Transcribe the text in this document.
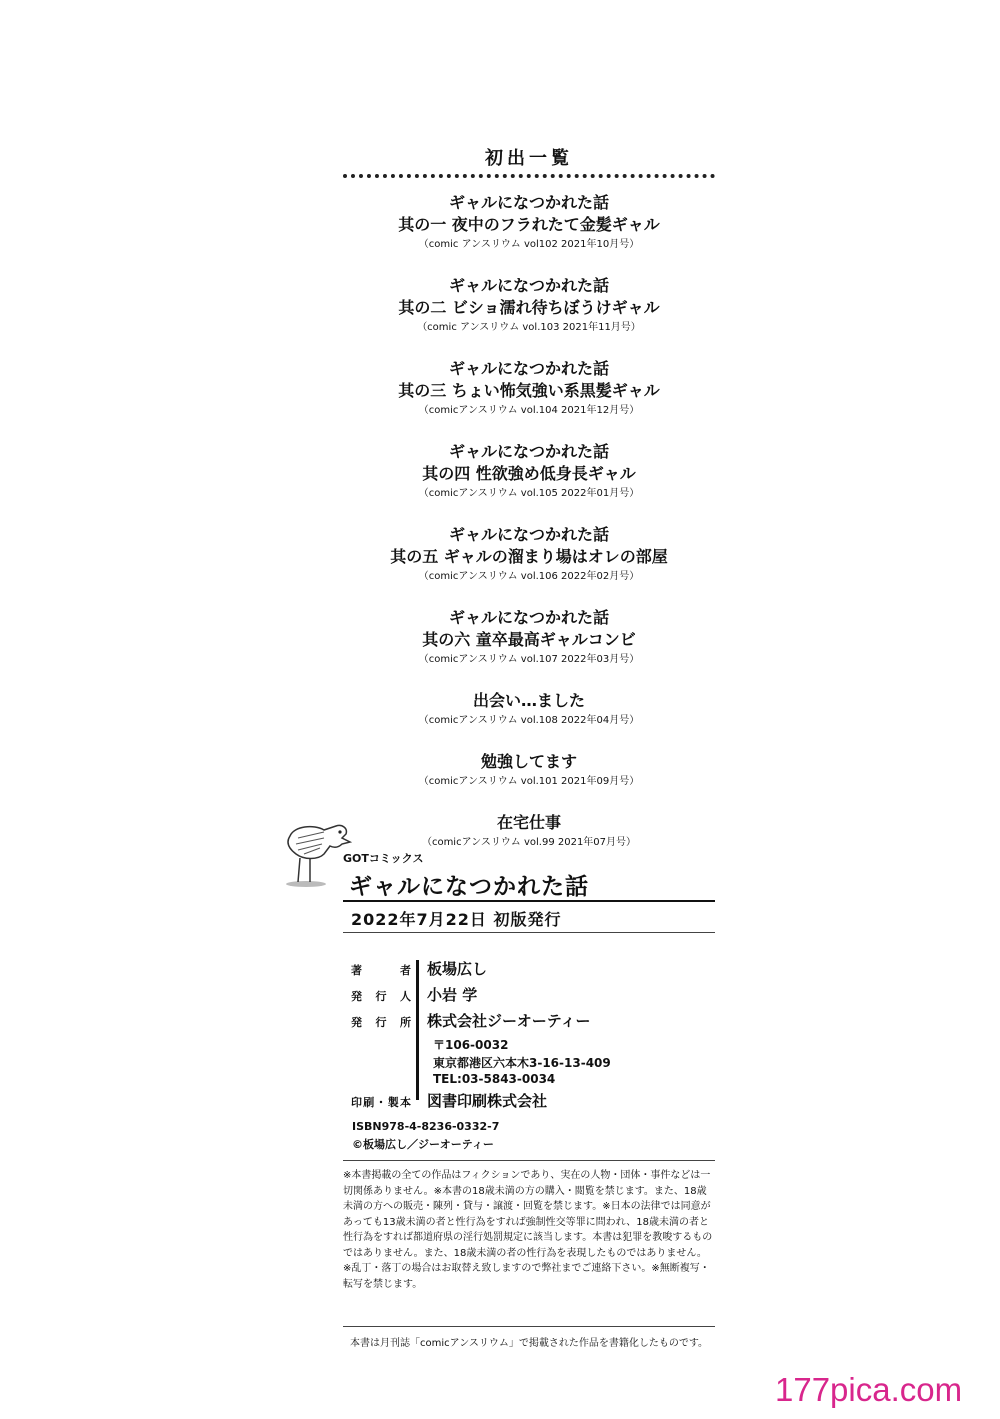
初出一覧
ギャルになつかれた話
其の一 夜中のフラれたて金髪ギャル
（comic アンスリウム vol102 2021年10月号）
ギャルになつかれた話
其の二 ビショ濡れ待ちぼうけギャル
（comic アンスリウム vol.103 2021年11月号）
ギャルになつかれた話
其の三 ちょい怖気強い系黒髪ギャル
（comicアンスリウム vol.104 2021年12月号）
ギャルになつかれた話
其の四 性欲強め低身長ギャル
（comicアンスリウム vol.105 2022年01月号）
ギャルになつかれた話
其の五 ギャルの溜まり場はオレの部屋
（comicアンスリウム vol.106 2022年02月号）
ギャルになつかれた話
其の六 童卒最高ギャルコンビ
（comicアンスリウム vol.107 2022年03月号）
出会い…ました
（comicアンスリウム vol.108 2022年04月号）
勉強してます
（comicアンスリウム vol.101 2021年09月号）
在宅仕事
（comicアンスリウム vol.99 2021年07月号）
GOTコミックス
ギャルになつかれた話
2022年7月22日 初版発行
著者 板場広し
発行人 小岩 学
発行所 株式会社ジーオーティー
〒106-0032
東京都港区六本木3-16-13-409
TEL:03-5843-0034
印刷・製本 図書印刷株式会社
ISBN978-4-8236-0332-7
©板場広し／ジーオーティー
※本書掲載の全ての作品はフィクションであり、実在の人物・団体・事件などは一切関係ありません。※本書の18歳未満の方の購入・閲覧を禁じます。また、18歳未満の方への販売・陳列・貸与・譲渡・回覧を禁じます。※日本の法律では同意があっても13歳未満の者と性行為をすれば強制性交等罪に問われ、18歳未満の者と性行為をすれば都道府県の淫行処罰規定に該当します。本書は犯罪を教唆するものではありません。また、18歳未満の者の性行為を表現したものではありません。※乱丁・落丁の場合はお取替え致しますので弊社までご連絡下さい。※無断複写・転写を禁じます。
本書は月刊誌「comicアンスリウム」で掲載された作品を書籍化したものです。
177pica.com
